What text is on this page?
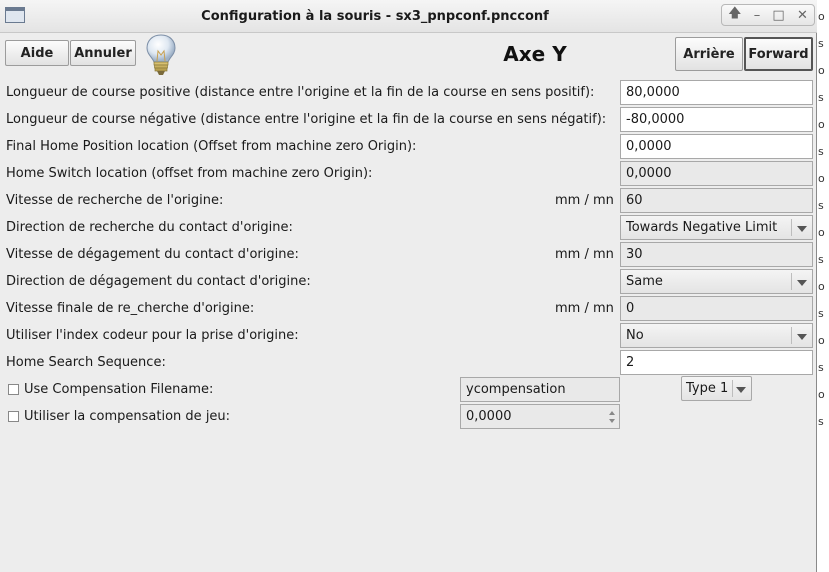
o
s
o
s
o
s
o
s
o
s
o
s
o
s
o
s
Configuration à la souris - sx3_pnpconf.pncconf	🡅 – □ ✕
Aide	Annuler	Axe Y	Arrière	Forward
Longueur de course positive (distance entre l'origine et la fin de la course en sens positif):	80,0000
Longueur de course négative (distance entre l'origine et la fin de la course en sens négatif):	-80,0000
Final Home Position location (Offset from machine zero Origin):	0,0000
Home Switch location (offset from machine zero Origin):	0,0000
Vitesse de recherche de l'origine:	mm / mn 60
Direction de recherche du contact d'origine:	Towards Negative Limit
Vitesse de dégagement du contact d'origine:	mm / mn 30
Direction de dégagement du contact d'origine:	Same
Vitesse finale de re_cherche d'origine:	mm / mn 0
Utiliser l'index codeur pour la prise d'origine:	No
Home Search Sequence:	2
Use Compensation Filename:	ycompensation	Type 1
Utiliser la compensation de jeu:	0,0000
